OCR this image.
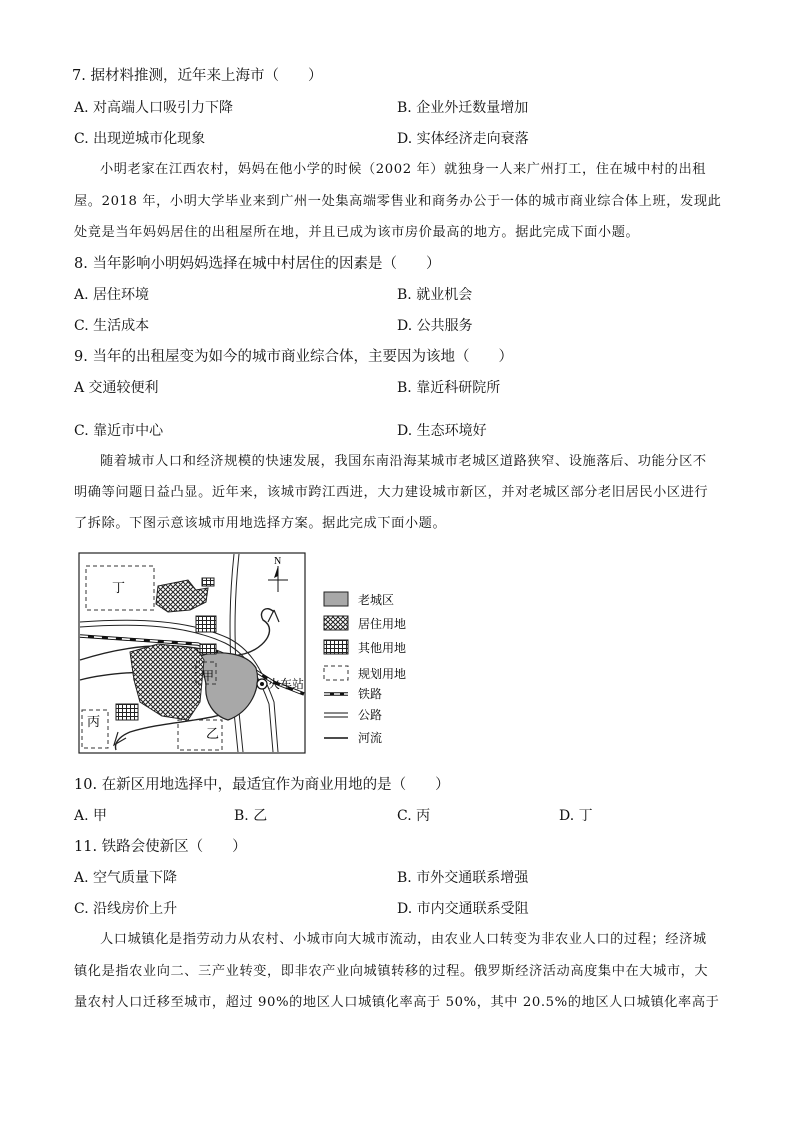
7. 据材料推测，近年来上海市（　　）
A. 对高端人口吸引力下降	B. 企业外迁数量增加
C. 出现逆城市化现象	D. 实体经济走向衰落
小明老家在江西农村，妈妈在他小学的时候（2002 年）就独身一人来广州打工，住在城中村的出租
屋。2018 年，小明大学毕业来到广州一处集高端零售业和商务办公于一体的城市商业综合体上班，发现此
处竟是当年妈妈居住的出租屋所在地，并且已成为该市房价最高的地方。据此完成下面小题。
8. 当年影响小明妈妈选择在城中村居住的因素是（　　）
A. 居住环境	B. 就业机会
C. 生活成本	D. 公共服务
9. 当年的出租屋变为如今的城市商业综合体，主要因为该地（　　）
A 交通较便利	B. 靠近科研院所
C. 靠近市中心	D. 生态环境好
随着城市人口和经济规模的快速发展，我国东南沿海某城市老城区道路狭窄、设施落后、功能分区不
明确等问题日益凸显。近年来，该城市跨江西进，大力建设城市新区，并对老城区部分老旧居民小区进行
了拆除。下图示意该城市用地选择方案。据此完成下面小题。
N
丁
甲
乙
丙
火车站
老城区
居住用地
其他用地
规划用地
铁路
公路
河流
10. 在新区用地选择中，最适宜作为商业用地的是（　　）
A. 甲	B. 乙	C. 丙	D. 丁
11. 铁路会使新区（　　）
A. 空气质量下降	B. 市外交通联系增强
C. 沿线房价上升	D. 市内交通联系受阻
人口城镇化是指劳动力从农村、小城市向大城市流动，由农业人口转变为非农业人口的过程；经济城
镇化是指农业向二、三产业转变，即非农产业向城镇转移的过程。俄罗斯经济活动高度集中在大城市，大
量农村人口迁移至城市，超过 90%的地区人口城镇化率高于 50%，其中 20.5%的地区人口城镇化率高于
